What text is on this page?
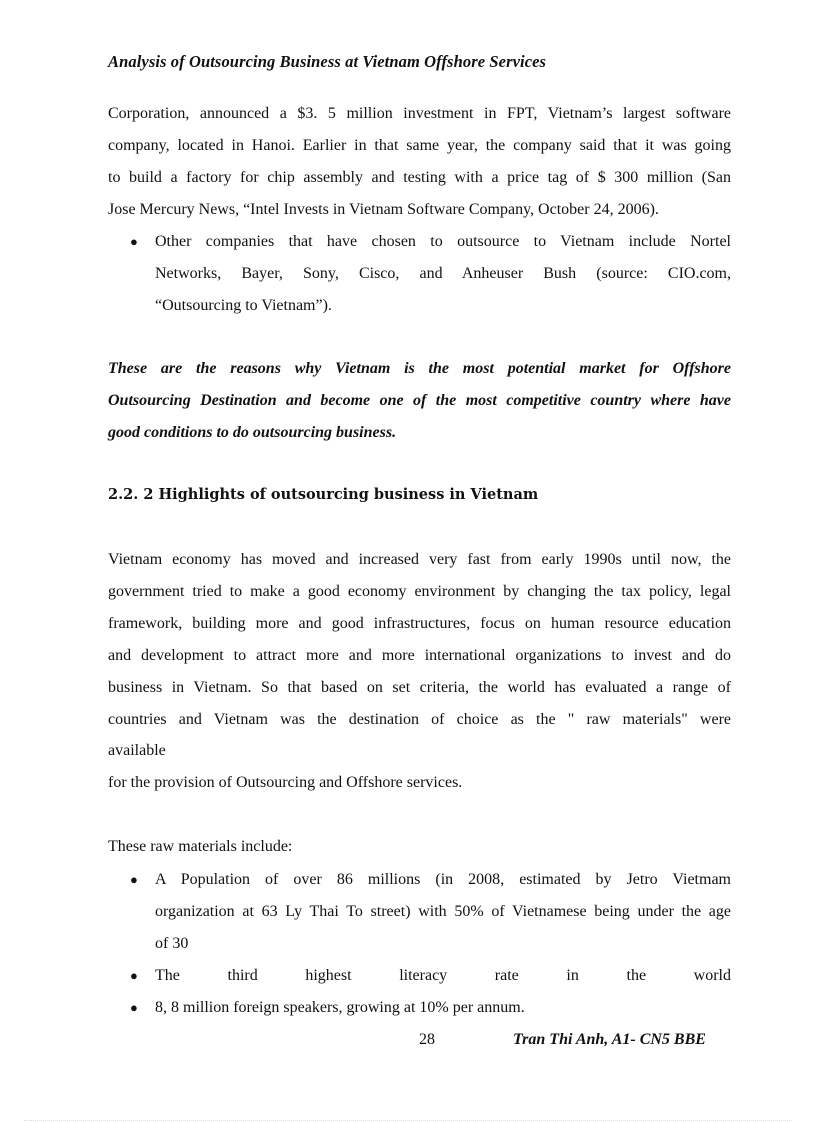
Analysis of Outsourcing Business at Vietnam Offshore Services
Corporation, announced a $3. 5 million investment in FPT, Vietnam’s largest software
company, located in Hanoi. Earlier in that same year, the company said that it was going
to build a factory for chip assembly and testing with a price tag of $ 300 million (San
Jose Mercury News, “Intel Invests in Vietnam Software Company, October 24, 2006).
● Other companies that have chosen to outsource to Vietnam include Nortel
Networks, Bayer, Sony, Cisco, and Anheuser Bush (source: CIO.com,
“Outsourcing to Vietnam”).
These are the reasons why Vietnam is the most potential market for Offshore
Outsourcing Destination and become one of the most competitive country where have
good conditions to do outsourcing business.
2.2. 2 Highlights of outsourcing business in Vietnam
Vietnam economy has moved and increased very fast from early 1990s until now, the
government tried to make a good economy environment by changing the tax policy, legal
framework, building more and good infrastructures, focus on human resource education
and development to attract more and more international organizations to invest and do
business in Vietnam. So that based on set criteria, the world has evaluated a range of
countries and Vietnam was the destination of choice as the " raw materials" were
available
for the provision of Outsourcing and Offshore services.
These raw materials include:
● A Population of over 86 millions (in 2008, estimated by Jetro Vietmam
organization at 63 Ly Thai To street) with 50% of Vietnamese being under the age
of 30
● The third highest literacy rate in the world
● 8, 8 million foreign speakers, growing at 10% per annum.
28	Tran Thi Anh, A1- CN5 BBE
